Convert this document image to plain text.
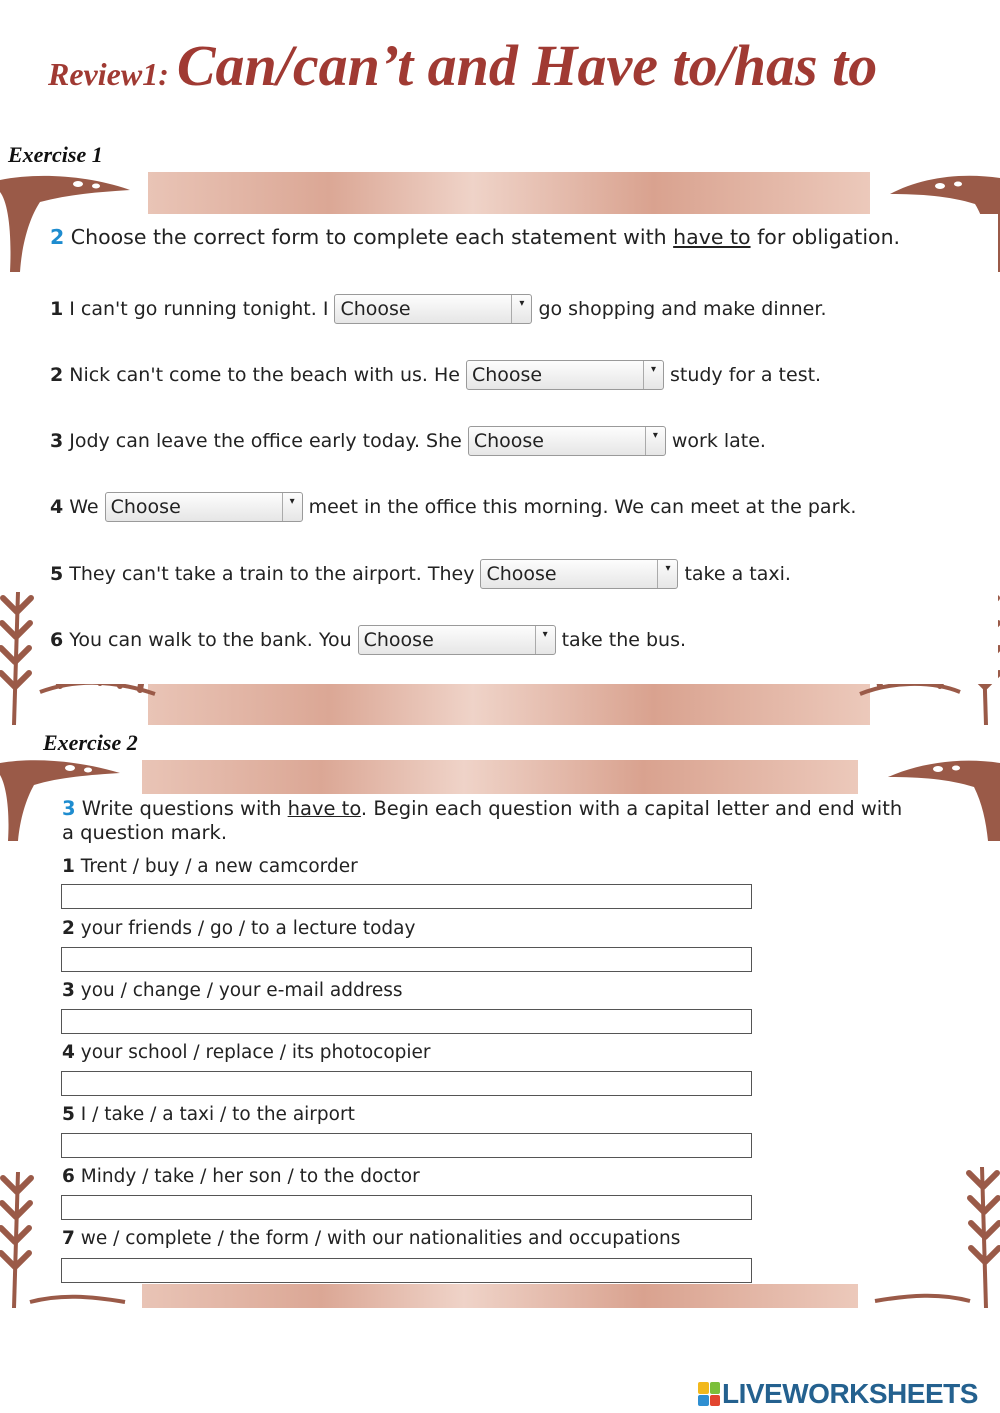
Review1: Can/can’t and Have to/has to
Exercise 1
2 Choose the correct form to complete each statement with have to for obligation.
1 I can't go running tonight. I Choose	▾ go shopping and make dinner.
2 Nick can't come to the beach with us. He Choose	▾ study for a test.
3 Jody can leave the office early today. She Choose	▾ work late.
4 We Choose	▾ meet in the office this morning. We can meet at the park.
5 They can't take a train to the airport. They Choose	▾ take a taxi.
6 You can walk to the bank. You Choose	▾ take the bus.
Exercise 2
3 Write questions with have to. Begin each question with a capital letter and end with
a question mark.
1 Trent / buy / a new camcorder
2 your friends / go / to a lecture today
3 you / change / your e-mail address
4 your school / replace / its photocopier
5 I / take / a taxi / to the airport
6 Mindy / take / her son / to the doctor
7 we / complete / the form / with our nationalities and occupations
LIVEWORKSHEETS
